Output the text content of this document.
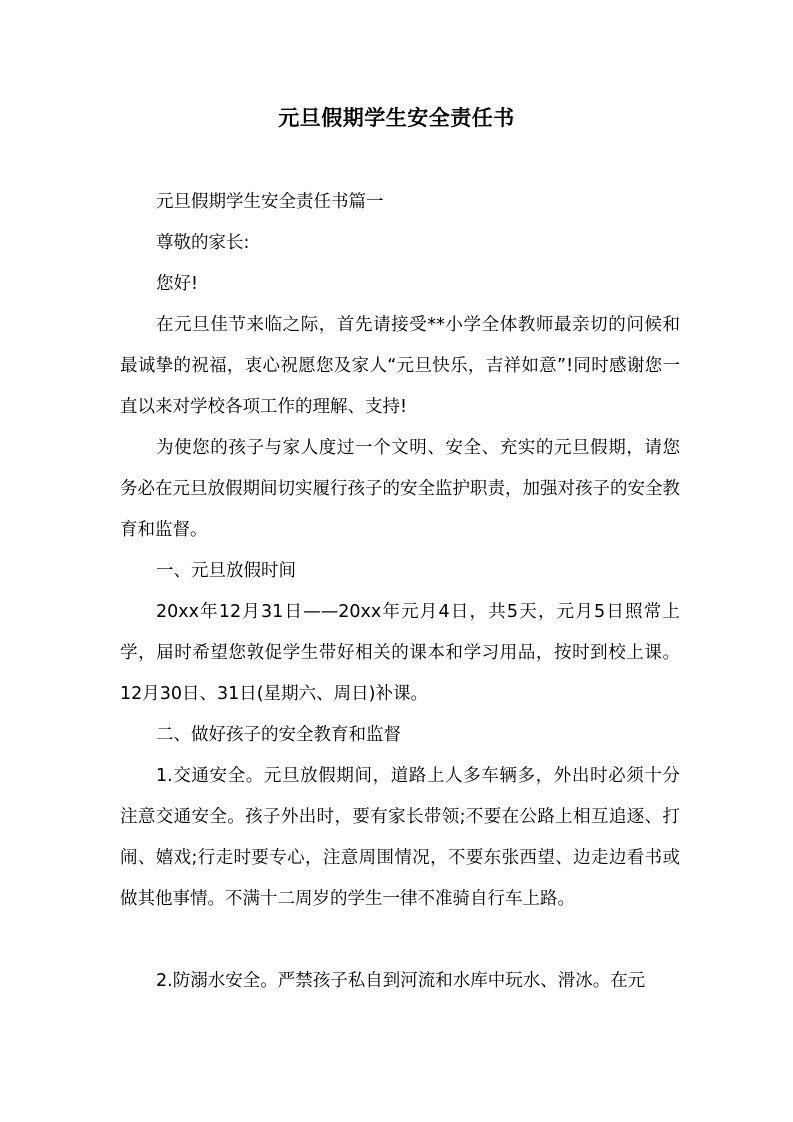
元旦假期学生安全责任书

元旦假期学生安全责任书篇一

尊敬的家长:

您好!

在元旦佳节来临之际，首先请接受**小学全体教师最亲切的问候和最诚挚的祝福，衷心祝愿您及家人“元旦快乐，吉祥如意”!同时感谢您一直以来对学校各项工作的理解、支持!

为使您的孩子与家人度过一个文明、安全、充实的元旦假期，请您务必在元旦放假期间切实履行孩子的安全监护职责，加强对孩子的安全教育和监督。

一、元旦放假时间

20xx年12月31日——20xx年元月4日，共5天，元月5日照常上学，届时希望您敦促学生带好相关的课本和学习用品，按时到校上课。12月30日、31日(星期六、周日)补课。

二、做好孩子的安全教育和监督

1.交通安全。元旦放假期间，道路上人多车辆多，外出时必须十分注意交通安全。孩子外出时，要有家长带领;不要在公路上相互追逐、打闹、嬉戏;行走时要专心，注意周围情况，不要东张西望、边走边看书或做其他事情。不满十二周岁的学生一律不准骑自行车上路。

2.防溺水安全。严禁孩子私自到河流和水库中玩水、滑冰。在元
